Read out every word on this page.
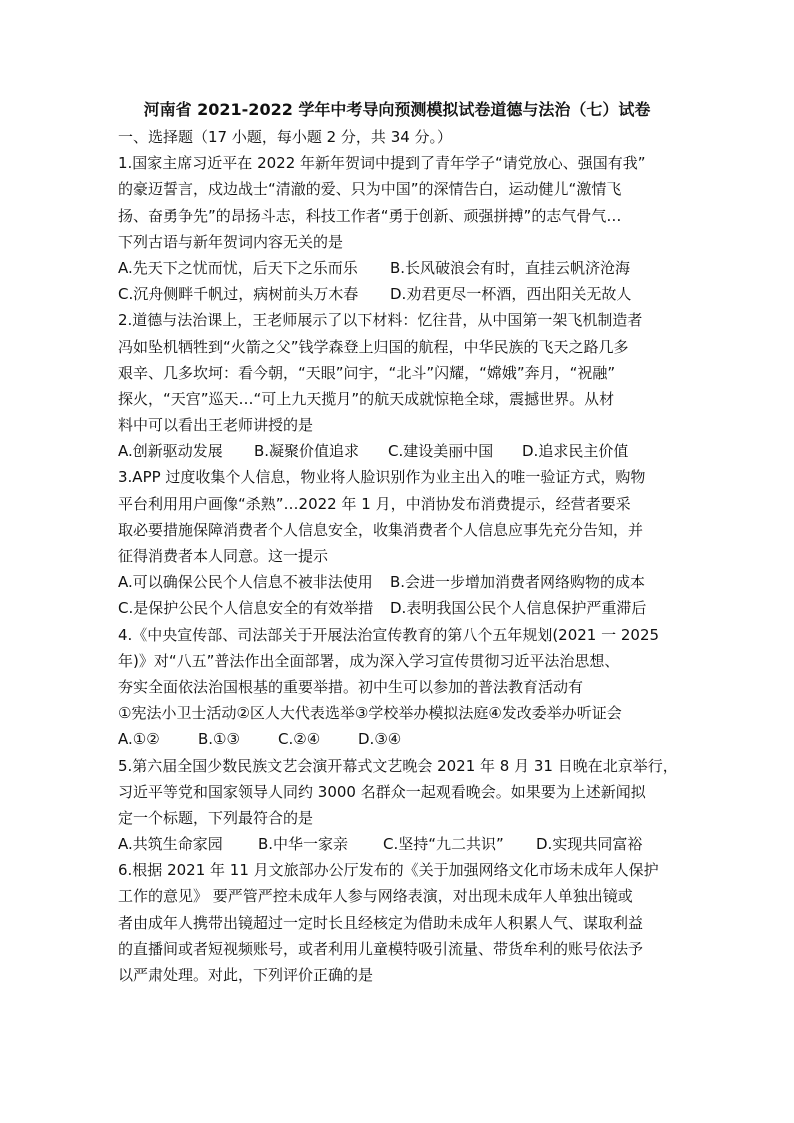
河南省 2021-2022 学年中考导向预测模拟试卷道德与法治（七）试卷
一、选择题（17 小题，每小题 2 分，共 34 分。）
1.国家主席习近平在 2022 年新年贺词中提到了青年学子“请党放心、强国有我”
的豪迈誓言，戍边战士“清澈的爱、只为中国”的深情告白，运动健儿“激情飞
扬、奋勇争先”的昂扬斗志，科技工作者“勇于创新、顽强拼搏”的志气骨气…
下列古语与新年贺词内容无关的是
A.先天下之忧而忧，后天下之乐而乐	B.长风破浪会有时，直挂云帆济沧海
C.沉舟侧畔千帆过，病树前头万木春	D.劝君更尽一杯酒，西出阳关无故人
2.道德与法治课上，王老师展示了以下材料：忆往昔，从中国第一架飞机制造者
冯如坠机牺牲到“火箭之父”钱学森登上归国的航程，中华民族的飞天之路几多
艰辛、几多坎坷：看今朝，“天眼”问宇，“北斗”闪耀，“嫦娥”奔月，“祝融”
探火，“天宫”巡天…“可上九天揽月”的航天成就惊艳全球，震撼世界。从材
料中可以看出王老师讲授的是
A.创新驱动发展	B.凝聚价值追求	C.建设美丽中国	D.追求民主价值
3.APP 过度收集个人信息，物业将人脸识别作为业主出入的唯一验证方式，购物
平台利用用户画像“杀熟”…2022 年 1 月，中消协发布消费提示，经营者要采
取必要措施保障消费者个人信息安全，收集消费者个人信息应事先充分告知，并
征得消费者本人同意。这一提示
A.可以确保公民个人信息不被非法使用	B.会进一步增加消费者网络购物的成本
C.是保护公民个人信息安全的有效举措	D.表明我国公民个人信息保护严重滞后
4.《中央宣传部、司法部关于开展法治宣传教育的第八个五年规划(2021 一 2025
年)》对“八五”普法作出全面部署，成为深入学习宣传贯彻习近平法治思想、
夯实全面依法治国根基的重要举措。初中生可以参加的普法教育活动有
①宪法小卫士活动②区人大代表选举③学校举办模拟法庭④发改委举办听证会
A.①②	B.①③	C.②④	D.③④
5.第六届全国少数民族文艺会演开幕式文艺晚会 2021 年 8 月 31 日晚在北京举行，
习近平等党和国家领导人同约 3000 名群众一起观看晚会。如果要为上述新闻拟
定一个标题，下列最符合的是
A.共筑生命家园	B.中华一家亲	C.坚持“九二共识”	D.实现共同富裕
6.根据 2021 年 11 月文旅部办公厅发布的《关于加强网络文化市场未成年人保护
工作的意见》 要严管严控未成年人参与网络表演，对出现未成年人单独出镜或
者由成年人携带出镜超过一定时长且经核定为借助未成年人积累人气、谋取利益
的直播间或者短视频账号，或者利用儿童模特吸引流量、带货牟利的账号依法予
以严肃处理。对此，下列评价正确的是
